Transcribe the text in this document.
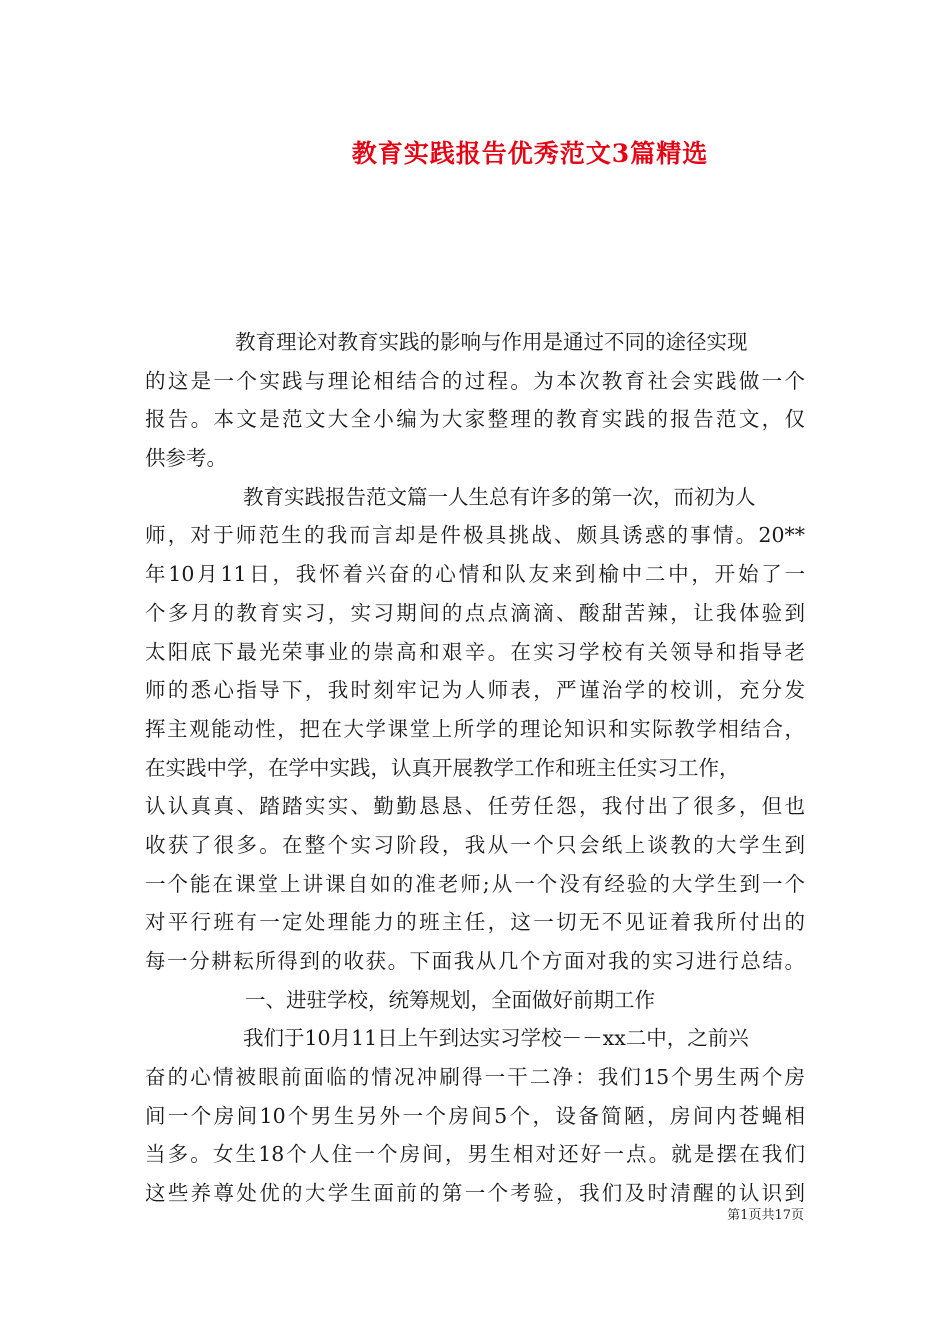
教育实践报告优秀范文3篇精选
教育理论对教育实践的影响与作用是通过不同的途径实现
的这是一个实践与理论相结合的过程。为本次教育社会实践做一个
报告。本文是范文大全小编为大家整理的教育实践的报告范文，仅
供参考。
教育实践报告范文篇一人生总有许多的第一次，而初为人
师，对于师范生的我而言却是件极具挑战、颇具诱惑的事情。20**
年10月11日，我怀着兴奋的心情和队友来到榆中二中，开始了一
个多月的教育实习，实习期间的点点滴滴、酸甜苦辣，让我体验到
太阳底下最光荣事业的崇高和艰辛。在实习学校有关领导和指导老
师的悉心指导下，我时刻牢记为人师表，严谨治学的校训，充分发
挥主观能动性，把在大学课堂上所学的理论知识和实际教学相结合，
在实践中学，在学中实践，认真开展教学工作和班主任实习工作，
认认真真、踏踏实实、勤勤恳恳、任劳任怨，我付出了很多，但也
收获了很多。在整个实习阶段，我从一个只会纸上谈教的大学生到
一个能在课堂上讲课自如的准老师;从一个没有经验的大学生到一个
对平行班有一定处理能力的班主任，这一切无不见证着我所付出的
每一分耕耘所得到的收获。下面我从几个方面对我的实习进行总结。
一、进驻学校，统筹规划，全面做好前期工作
我们于10月11日上午到达实习学校－－xx二中，之前兴
奋的心情被眼前面临的情况冲刷得一干二净：我们15个男生两个房
间一个房间10个男生另外一个房间5个，设备简陋，房间内苍蝇相
当多。女生18个人住一个房间，男生相对还好一点。就是摆在我们
这些养尊处优的大学生面前的第一个考验，我们及时清醒的认识到
第1页共17页
